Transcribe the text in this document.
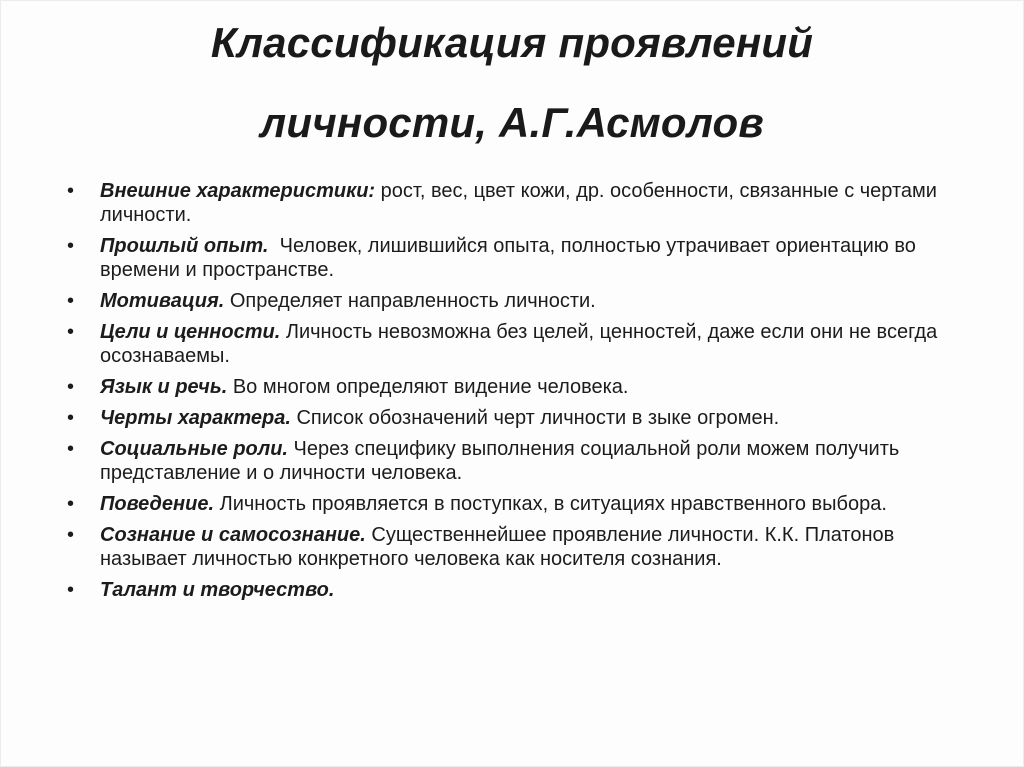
Классификация проявлений
личности, А.Г.Асмолов
• Внешние характеристики: рост, вес, цвет кожи, др. особенности, связанные с чертами личности.
• Прошлый опыт.  Человек, лишившийся опыта, полностью утрачивает ориентацию во времени и пространстве.
• Мотивация. Определяет направленность личности.
• Цели и ценности. Личность невозможна без целей, ценностей, даже если они не всегда осознаваемы.
• Язык и речь. Во многом определяют видение человека.
• Черты характера. Список обозначений черт личности в зыке огромен.
• Социальные роли. Через специфику выполнения социальной роли можем получить представление и о личности человека.
• Поведение. Личность проявляется в поступках, в ситуациях нравственного выбора.
• Сознание и самосознание. Существеннейшее проявление личности. К.К. Платонов называет личностью конкретного человека как носителя сознания.
• Талант и творчество.
